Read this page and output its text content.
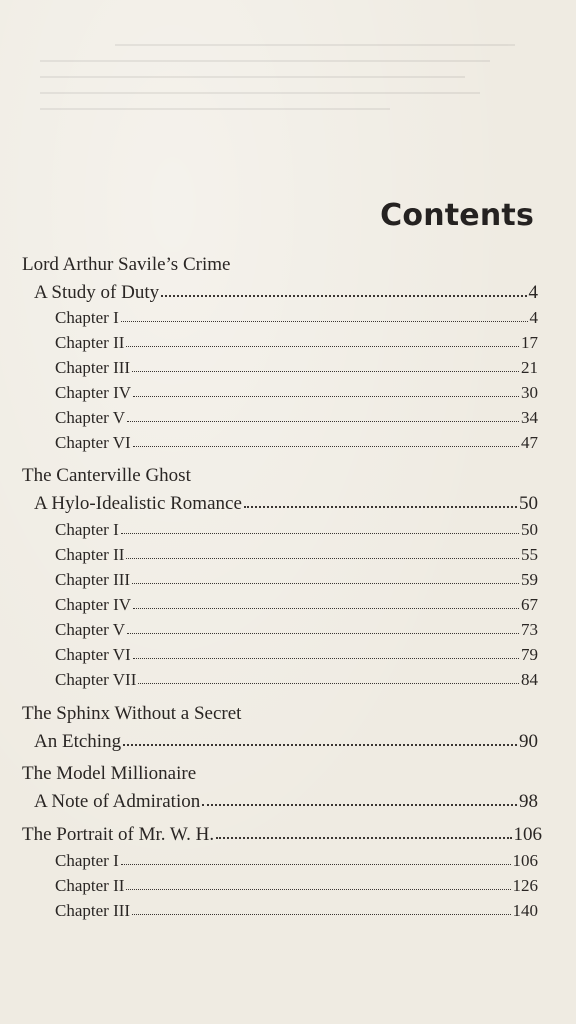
Contents
Lord Arthur Savile’s Crime
A Study of Duty	4
Chapter I	4
Chapter II	17
Chapter III	21
Chapter IV	30
Chapter V	34
Chapter VI	47
The Canterville Ghost
A Hylo-Idealistic Romance	50
Chapter I	50
Chapter II	55
Chapter III	59
Chapter IV	67
Chapter V	73
Chapter VI	79
Chapter VII	84
The Sphinx Without a Secret
An Etching	90
The Model Millionaire
A Note of Admiration	98
The Portrait of Mr. W. H.	106
Chapter I	106
Chapter II	126
Chapter III	140
